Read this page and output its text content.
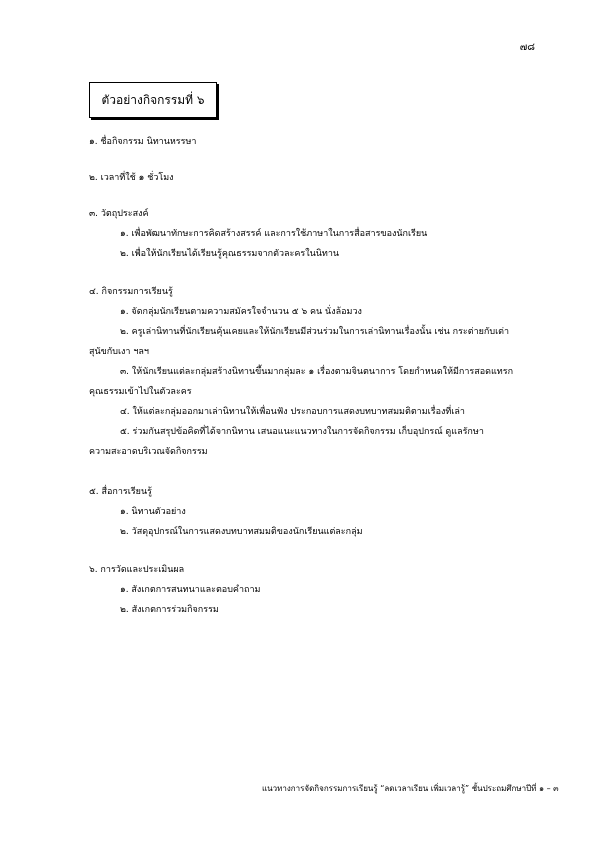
๗๘
ตัวอย่างกิจกรรมที่ ๖
๑. ชื่อกิจกรรม นิทานหรรษา
๒. เวลาที่ใช้ ๑ ชั่วโมง
๓. วัตถุประสงค์
๑. เพื่อพัฒนาทักษะการคิดสร้างสรรค์ และการใช้ภาษาในการสื่อสารของนักเรียน
๒. เพื่อให้นักเรียนได้เรียนรู้คุณธรรมจากตัวละครในนิทาน
๔. กิจกรรมการเรียนรู้
๑. จัดกลุ่มนักเรียนตามความสมัครใจจำนวน ๕ ๖ คน นั่งล้อมวง
๒. ครูเล่านิทานที่นักเรียนคุ้นเคยและให้นักเรียนมีส่วนร่วมในการเล่านิทานเรื่องนั้น เช่น กระต่ายกับเต่า
สุนัขกับเงา ฯลฯ
๓. ให้นักเรียนแต่ละกลุ่มสร้างนิทานขึ้นมากลุ่มละ ๑ เรื่องตามจินตนาการ โดยกำหนดให้มีการสอดแทรก
คุณธรรมเข้าไปในตัวละคร
๔. ให้แต่ละกลุ่มออกมาเล่านิทานให้เพื่อนฟัง ประกอบการแสดงบทบาทสมมติตามเรื่องที่เล่า
๕. ร่วมกันสรุปข้อคิดที่ได้จากนิทาน เสนอแนะแนวทางในการจัดกิจกรรม เก็บอุปกรณ์ ดูแลรักษา
ความสะอาดบริเวณจัดกิจกรรม
๕. สื่อการเรียนรู้
๑. นิทานตัวอย่าง
๒. วัสดุอุปกรณ์ในการแสดงบทบาทสมมติของนักเรียนแต่ละกลุ่ม
๖. การวัดและประเมินผล
๑. สังเกตการสนทนาและตอบคำถาม
๒. สังเกตการร่วมกิจกรรม
แนวทางการจัดกิจกรรมการเรียนรู้ “ลดเวลาเรียน เพิ่มเวลารู้” ชั้นประถมศึกษาปีที่ ๑ – ๓
